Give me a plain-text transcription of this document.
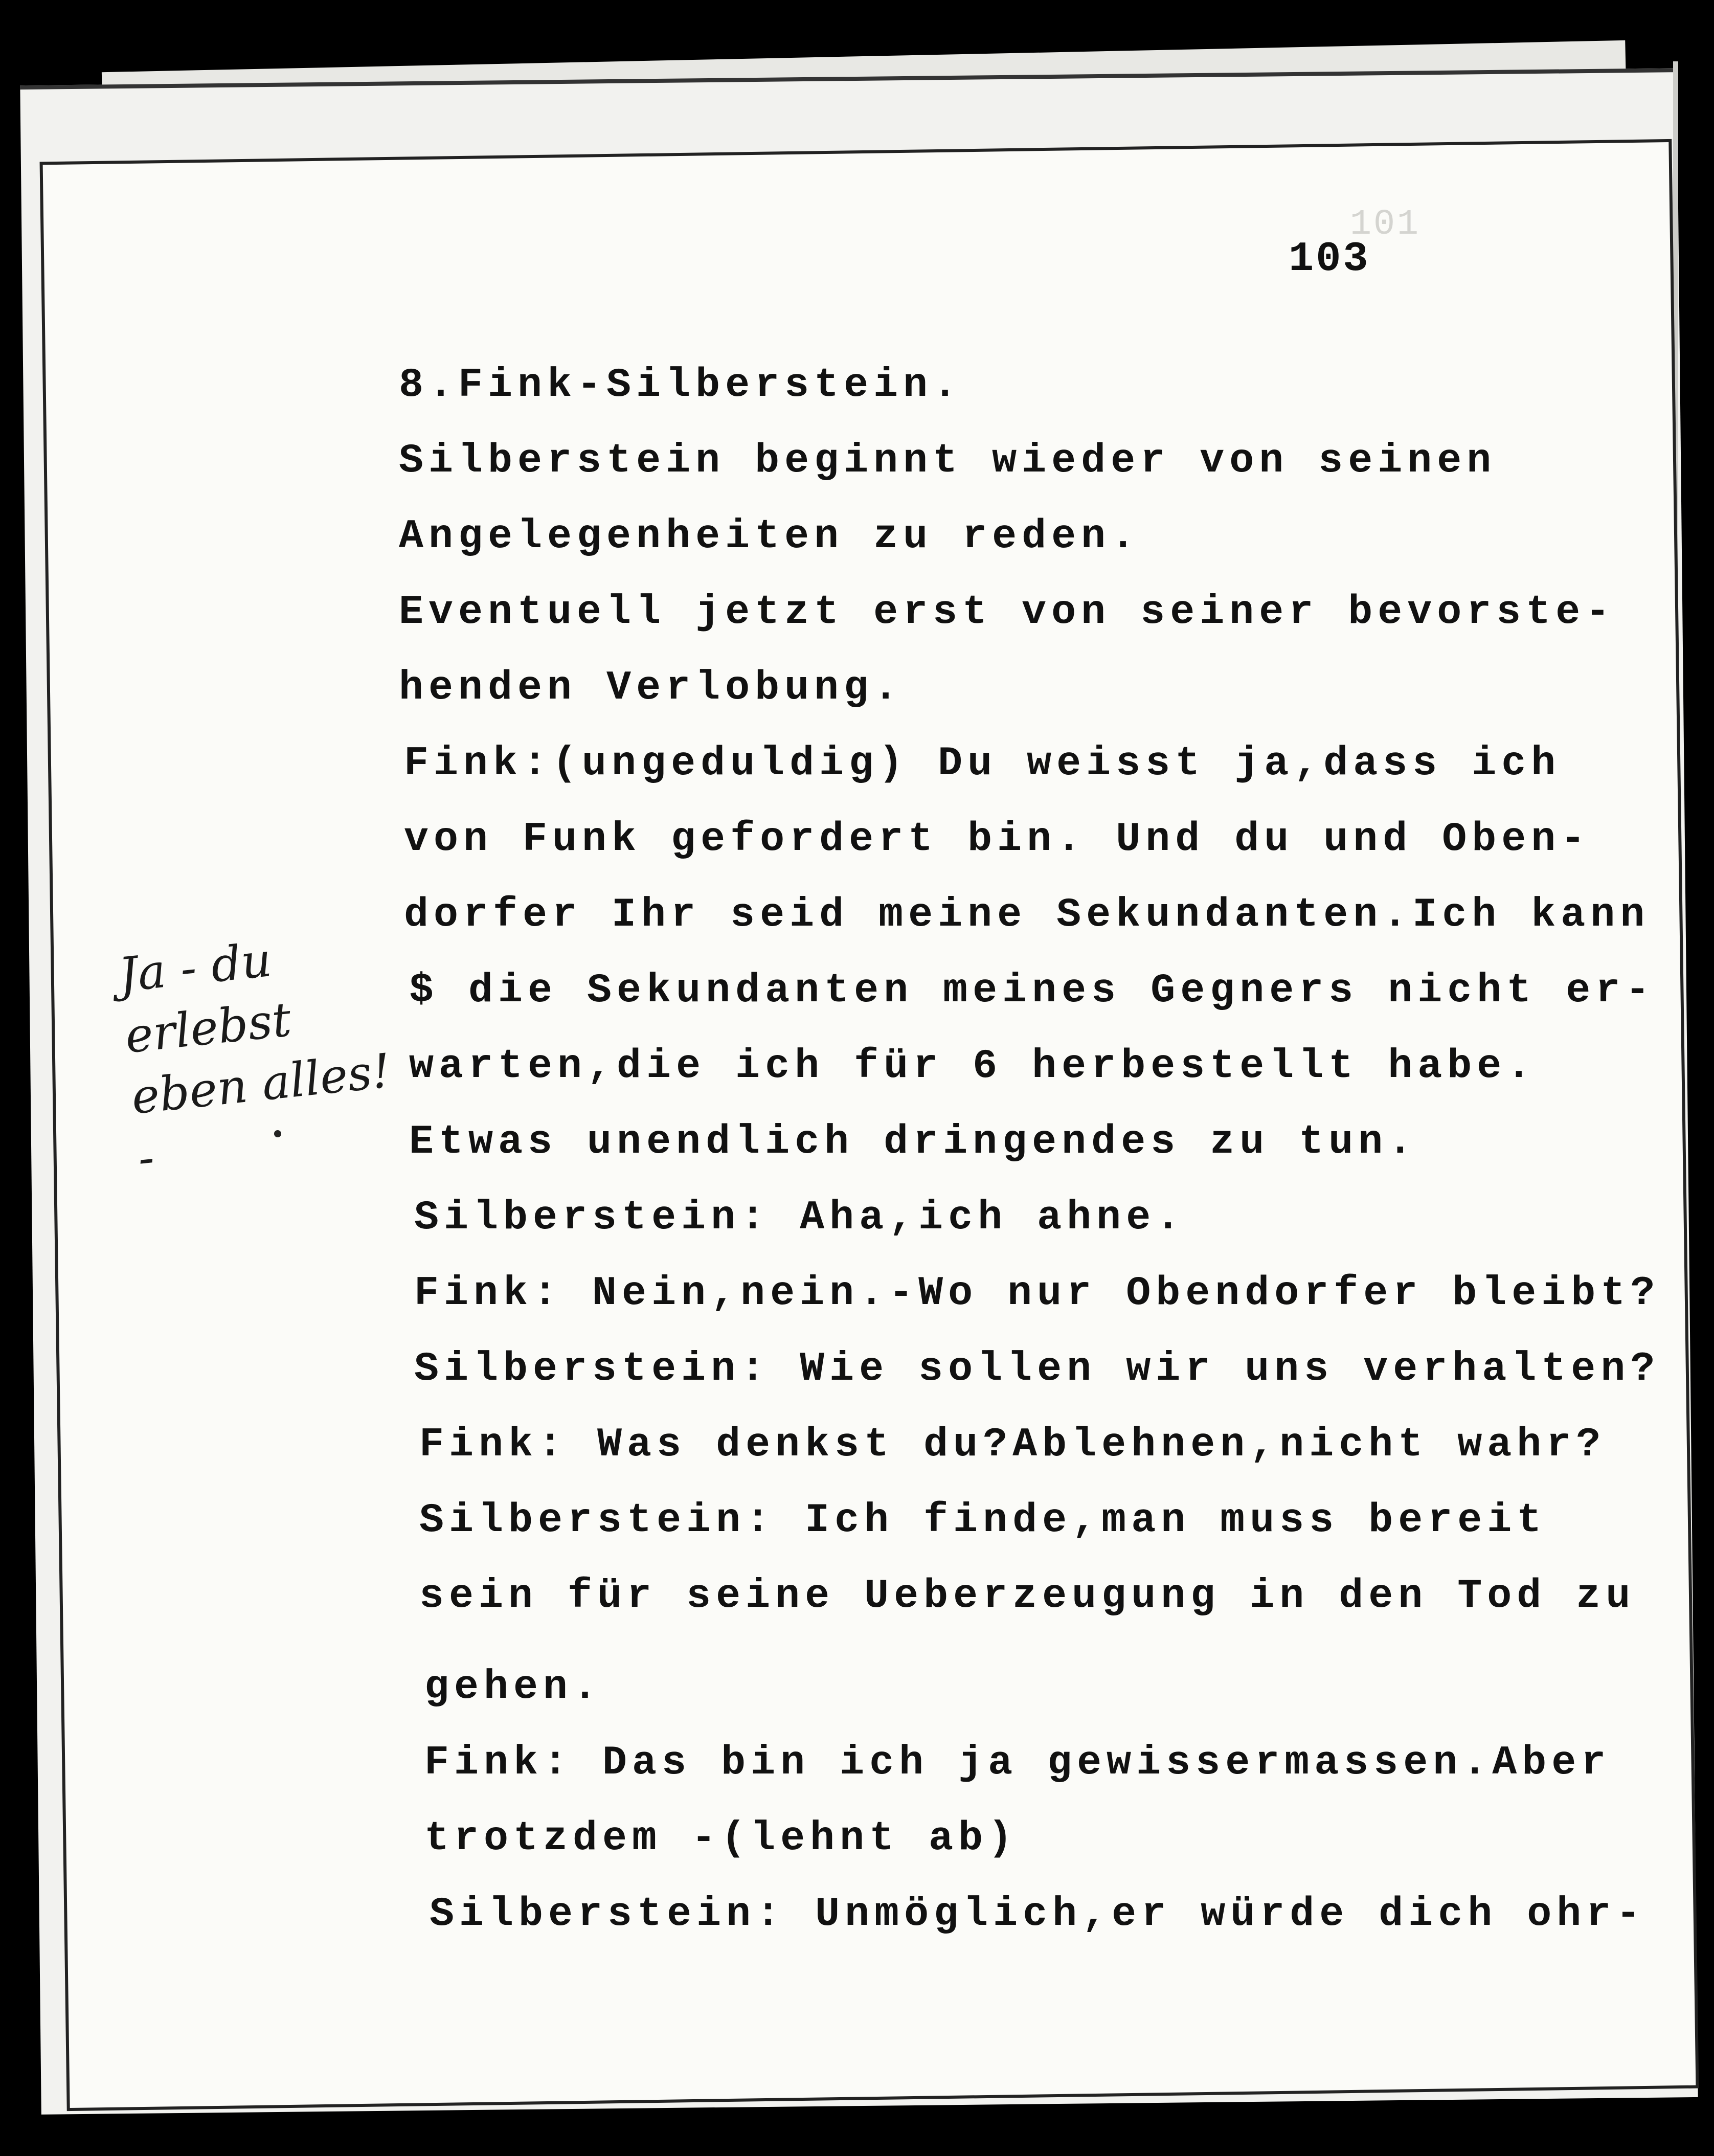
101
103
8.Fink-Silberstein.
Silberstein beginnt wieder von seinen
Angelegenheiten zu reden.
Eventuell jetzt erst von seiner bevorste-
henden Verlobung.
Fink:(ungeduldig) Du weisst ja,dass ich
von Funk gefordert bin. Und du und Oben-
dorfer Ihr seid meine Sekundanten.Ich kann
$ die Sekundanten meines Gegners nicht er-
warten,die ich für 6 herbestellt habe.
Etwas unendlich dringendes zu tun.
Silberstein: Aha,ich ahne.
Fink: Nein,nein.-Wo nur Obendorfer bleibt?
Silberstein: Wie sollen wir uns verhalten?
Fink: Was denkst du?Ablehnen,nicht wahr?
Silberstein: Ich finde,man muss bereit
sein für seine Ueberzeugung in den Tod zu
gehen.
Fink: Das bin ich ja gewissermassen.Aber
trotzdem -(lehnt ab)
Silberstein: Unmöglich,er würde dich ohr-
Ja - du
erlebst
eben alles! -
